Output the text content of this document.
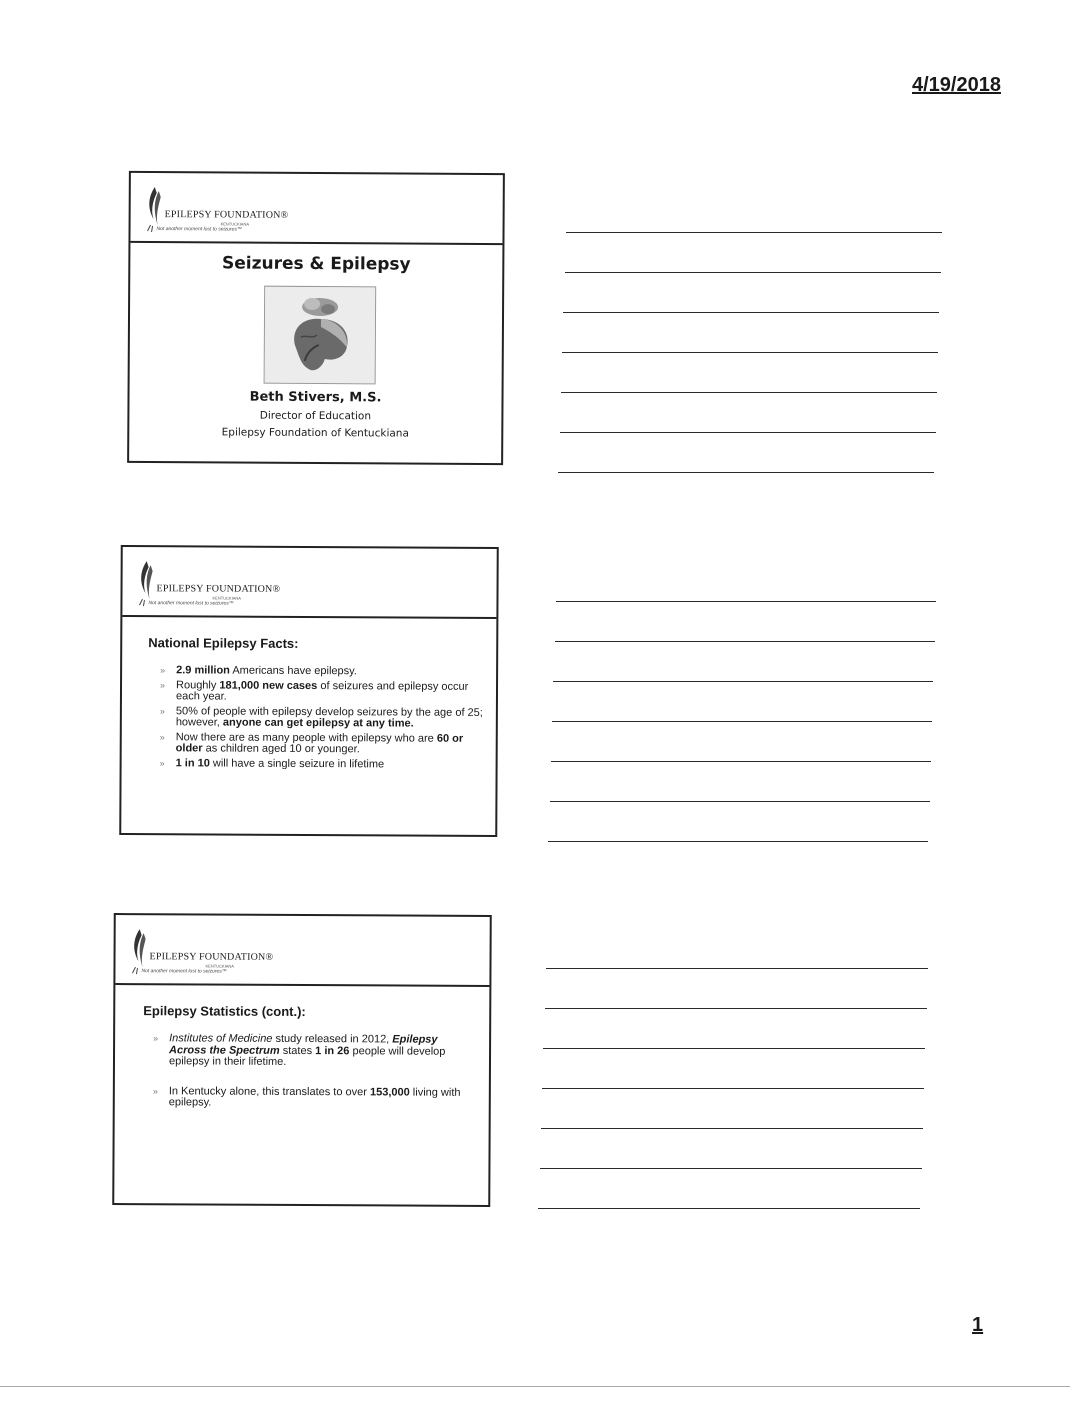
4/19/2018
EPILEPSY FOUNDATION®
KENTUCKIANA
Not another moment lost to seizures™
Seizures & Epilepsy
Beth Stivers, M.S.
Director of Education
Epilepsy Foundation of Kentuckiana
EPILEPSY FOUNDATION®
KENTUCKIANA
Not another moment lost to seizures™
National Epilepsy Facts:
» 2.9 million Americans have epilepsy.
» Roughly 181,000 new cases of seizures and epilepsy occur each year.
» 50% of people with epilepsy develop seizures by the age of 25; however, anyone can get epilepsy at any time.
» Now there are as many people with epilepsy who are 60 or older as children aged 10 or younger.
» 1 in 10 will have a single seizure in lifetime
EPILEPSY FOUNDATION®
KENTUCKIANA
Not another moment lost to seizures™
Epilepsy Statistics (cont.):
» Institutes of Medicine study released in 2012, Epilepsy Across the Spectrum states 1 in 26 people will develop epilepsy in their lifetime.
» In Kentucky alone, this translates to over 153,000 living with epilepsy.
1
